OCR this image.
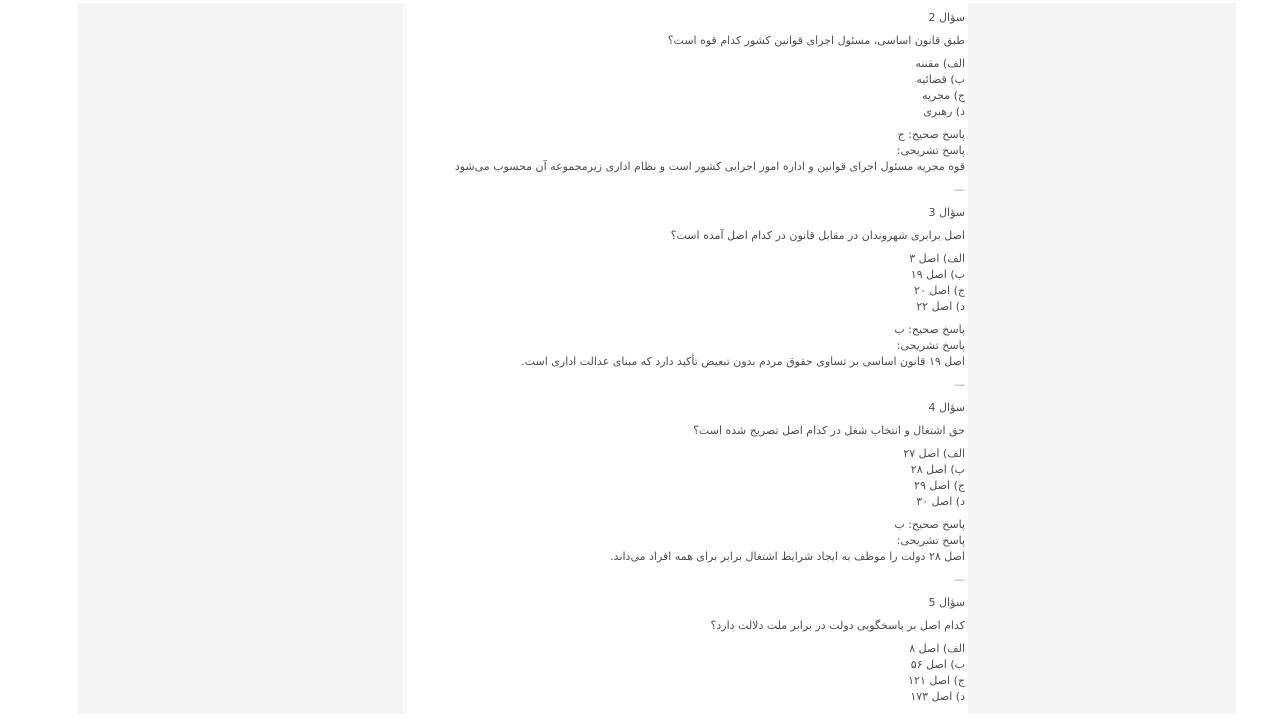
سؤال 2
طبق قانون اساسی، مسئول اجرای قوانین کشور کدام قوه است؟
الف) مقننه
ب) قضائیه
ج) مجریه
د) رهبری
پاسخ صحیح: ج
پاسخ تشریحی:
قوه مجریه مسئول اجرای قوانین و اداره امور اجرایی کشور است و نظام اداری زیرمجموعه آن محسوب می‌شود
—
سؤال 3
اصل برابری شهروندان در مقابل قانون در کدام اصل آمده است؟
الف) اصل ۳
ب) اصل ۱۹
ج) اصل ۲۰
د) اصل ۲۲
پاسخ صحیح: ب
پاسخ تشریحی:
اصل ۱۹ قانون اساسی بر تساوی حقوق مردم بدون تبعیض تأکید دارد که مبنای عدالت اداری است.
—
سؤال 4
حق اشتغال و انتخاب شغل در کدام اصل تصریح شده است؟
الف) اصل ۲۷
ب) اصل ۲۸
ج) اصل ۲۹
د) اصل ۳۰
پاسخ صحیح: ب
پاسخ تشریحی:
اصل ۲۸ دولت را موظف به ایجاد شرایط اشتغال برابر برای همه افراد می‌داند.
—
سؤال 5
کدام اصل بر پاسخگویی دولت در برابر ملت دلالت دارد؟
الف) اصل ۸
ب) اصل ۵۶
ج) اصل ۱۲۱
د) اصل ۱۷۳
